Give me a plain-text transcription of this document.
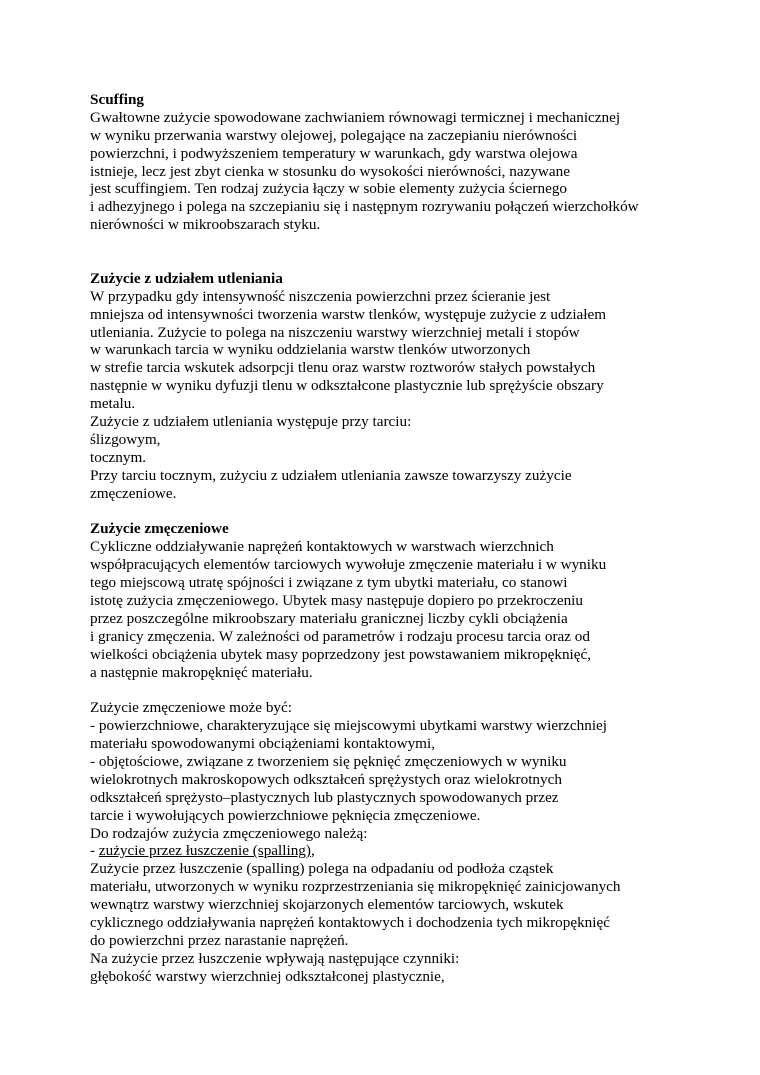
Scuffing
Gwałtowne zużycie spowodowane zachwianiem równowagi termicznej i mechanicznej
w wyniku przerwania warstwy olejowej, polegające na zaczepianiu nierówności
powierzchni, i podwyższeniem temperatury w warunkach, gdy warstwa olejowa
istnieje, lecz jest zbyt cienka w stosunku do wysokości nierówności, nazywane
jest scuffingiem. Ten rodzaj zużycia łączy w sobie elementy zużycia ściernego
i adhezyjnego i polega na szczepianiu się i następnym rozrywaniu połączeń wierzchołków
nierówności w mikroobszarach styku.
Zużycie z udziałem utleniania
W przypadku gdy intensywność niszczenia powierzchni przez ścieranie jest
mniejsza od intensywności tworzenia warstw tlenków, występuje zużycie z udziałem
utleniania. Zużycie to polega na niszczeniu warstwy wierzchniej metali i stopów
w warunkach tarcia w wyniku oddzielania warstw tlenków utworzonych
w strefie tarcia wskutek adsorpcji tlenu oraz warstw roztworów stałych powstałych
następnie w wyniku dyfuzji tlenu w odkształcone plastycznie lub sprężyście obszary
metalu.
Zużycie z udziałem utleniania występuje przy tarciu:
ślizgowym,
tocznym.
Przy tarciu tocznym, zużyciu z udziałem utleniania zawsze towarzyszy zużycie
zmęczeniowe.
Zużycie zmęczeniowe
Cykliczne oddziaływanie naprężeń kontaktowych w warstwach wierzchnich
współpracujących elementów tarciowych wywołuje zmęczenie materiału i w wyniku
tego miejscową utratę spójności i związane z tym ubytki materiału, co stanowi
istotę zużycia zmęczeniowego. Ubytek masy następuje dopiero po przekroczeniu
przez poszczególne mikroobszary materiału granicznej liczby cykli obciążenia
i granicy zmęczenia. W zależności od parametrów i rodzaju procesu tarcia oraz od
wielkości obciążenia ubytek masy poprzedzony jest powstawaniem mikropęknięć,
a następnie makropęknięć materiału.
Zużycie zmęczeniowe może być:
- powierzchniowe, charakteryzujące się miejscowymi ubytkami warstwy wierzchniej
materiału spowodowanymi obciążeniami kontaktowymi,
- objętościowe, związane z tworzeniem się pęknięć zmęczeniowych w wyniku
wielokrotnych makroskopowych odkształceń sprężystych oraz wielokrotnych
odkształceń sprężysto–plastycznych lub plastycznych spowodowanych przez
tarcie i wywołujących powierzchniowe pęknięcia zmęczeniowe.
Do rodzajów zużycia zmęczeniowego należą:
- zużycie przez łuszczenie (spalling),
Zużycie przez łuszczenie (spalling) polega na odpadaniu od podłoża cząstek
materiału, utworzonych w wyniku rozprzestrzeniania się mikropęknięć zainicjowanych
wewnątrz warstwy wierzchniej skojarzonych elementów tarciowych, wskutek
cyklicznego oddziaływania naprężeń kontaktowych i dochodzenia tych mikropęknięć
do powierzchni przez narastanie naprężeń.
Na zużycie przez łuszczenie wpływają następujące czynniki:
głębokość warstwy wierzchniej odkształconej plastycznie,
